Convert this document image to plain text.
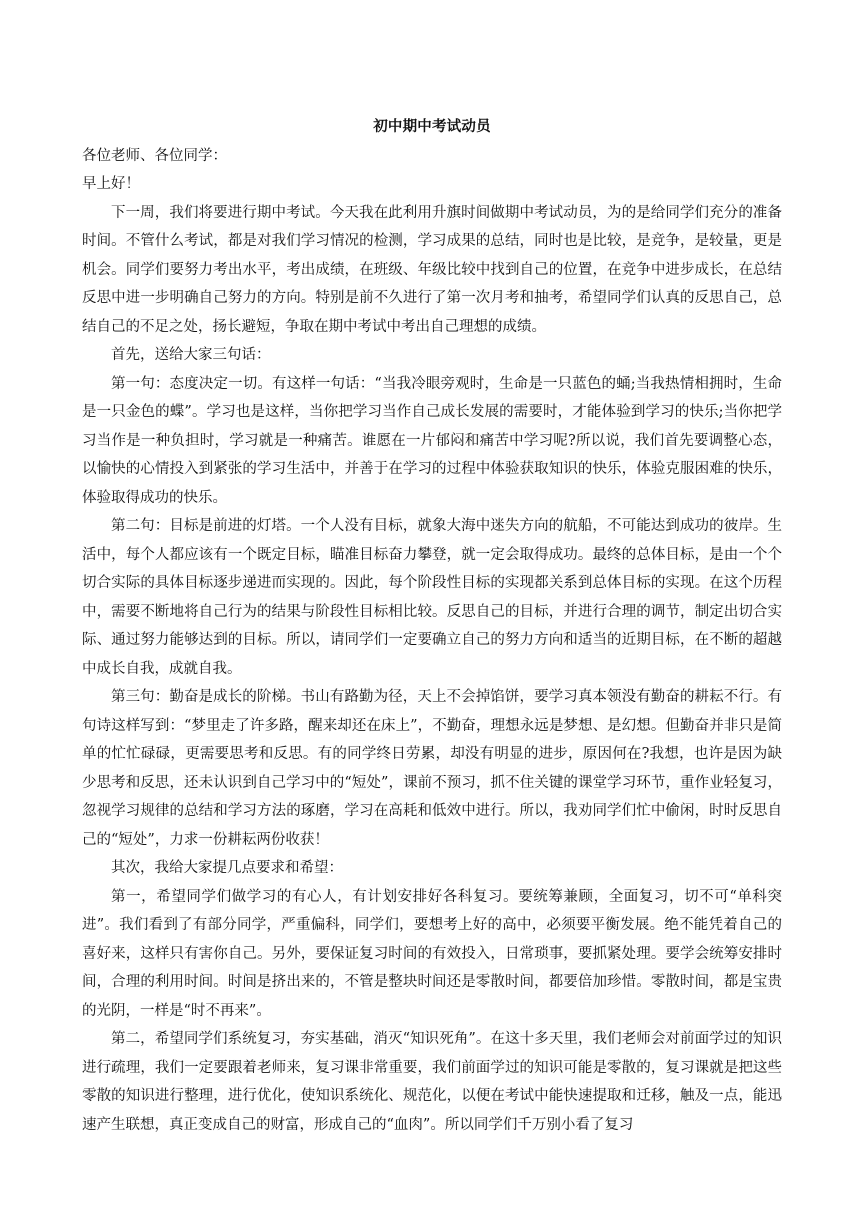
初中期中考试动员

各位老师、各位同学：

早上好！

下一周，我们将要进行期中考试。今天我在此利用升旗时间做期中考试动员，为的是给同学们充分的准备时间。不管什么考试，都是对我们学习情况的检测，学习成果的总结，同时也是比较，是竞争，是较量，更是机会。同学们要努力考出水平，考出成绩，在班级、年级比较中找到自己的位置，在竞争中进步成长，在总结反思中进一步明确自己努力的方向。特别是前不久进行了第一次月考和抽考，希望同学们认真的反思自己，总结自己的不足之处，扬长避短，争取在期中考试中考出自己理想的成绩。

首先，送给大家三句话：

第一句：态度决定一切。有这样一句话：“当我冷眼旁观时，生命是一只蓝色的蛹;当我热情相拥时，生命是一只金色的蝶”。学习也是这样，当你把学习当作自己成长发展的需要时，才能体验到学习的快乐;当你把学习当作是一种负担时，学习就是一种痛苦。谁愿在一片郁闷和痛苦中学习呢?所以说，我们首先要调整心态，以愉快的心情投入到紧张的学习生活中，并善于在学习的过程中体验获取知识的快乐，体验克服困难的快乐，体验取得成功的快乐。

第二句：目标是前进的灯塔。一个人没有目标，就象大海中迷失方向的航船，不可能达到成功的彼岸。生活中，每个人都应该有一个既定目标，瞄准目标奋力攀登，就一定会取得成功。最终的总体目标，是由一个个切合实际的具体目标逐步递进而实现的。因此，每个阶段性目标的实现都关系到总体目标的实现。在这个历程中，需要不断地将自己行为的结果与阶段性目标相比较。反思自己的目标，并进行合理的调节，制定出切合实际、通过努力能够达到的目标。所以，请同学们一定要确立自己的努力方向和适当的近期目标，在不断的超越中成长自我，成就自我。

第三句：勤奋是成长的阶梯。书山有路勤为径，天上不会掉馅饼，要学习真本领没有勤奋的耕耘不行。有句诗这样写到：“梦里走了许多路，醒来却还在床上”，不勤奋，理想永远是梦想、是幻想。但勤奋并非只是简单的忙忙碌碌，更需要思考和反思。有的同学终日劳累，却没有明显的进步，原因何在?我想，也许是因为缺少思考和反思，还未认识到自己学习中的“短处”，课前不预习，抓不住关键的课堂学习环节，重作业轻复习，忽视学习规律的总结和学习方法的琢磨，学习在高耗和低效中进行。所以，我劝同学们忙中偷闲，时时反思自己的“短处”，力求一份耕耘两份收获！

其次，我给大家提几点要求和希望：

第一，希望同学们做学习的有心人，有计划安排好各科复习。要统筹兼顾，全面复习，切不可“单科突进”。我们看到了有部分同学，严重偏科，同学们，要想考上好的高中，必须要平衡发展。绝不能凭着自己的喜好来，这样只有害你自己。另外，要保证复习时间的有效投入，日常琐事，要抓紧处理。要学会统筹安排时间，合理的利用时间。时间是挤出来的，不管是整块时间还是零散时间，都要倍加珍惜。零散时间，都是宝贵的光阴，一样是“时不再来”。

第二，希望同学们系统复习，夯实基础，消灭“知识死角”。在这十多天里，我们老师会对前面学过的知识进行疏理，我们一定要跟着老师来，复习课非常重要，我们前面学过的知识可能是零散的，复习课就是把这些零散的知识进行整理，进行优化，使知识系统化、规范化，以便在考试中能快速提取和迁移，触及一点，能迅速产生联想，真正变成自己的财富，形成自己的“血肉”。所以同学们千万别小看了复习
